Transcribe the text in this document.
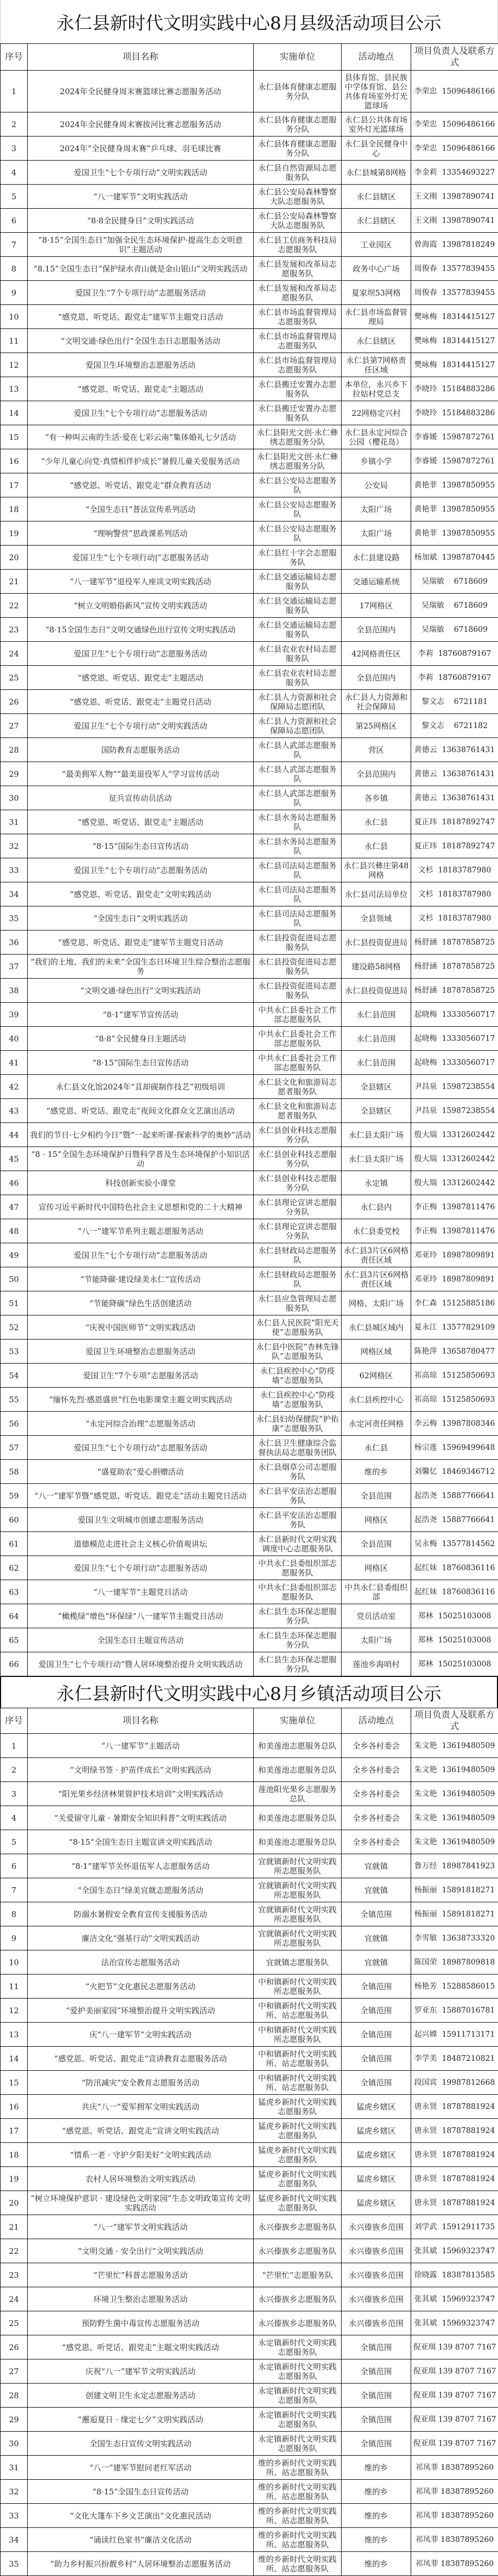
永仁县新时代文明实践中心8月县级活动项目公示
序号	项目名称	实施单位	活动地点	项目负责人及联系方式
1	2024年全民健身周末赛篮球比赛志愿服务活动	永仁县体育健康志愿服务分队	县体育馆、县民族中学体育馆、县公共体育场室外灯光篮球场	李荣忠  15096486166
2	2024年全民健身周末赛拔河比赛志愿服务活动	永仁县体育健康志愿服务分队	永仁县公共体育场室外灯光篮球场	李荣忠  15096486166
3	2024年“全民健身周末赛”乒乓球、羽毛球比赛	永仁县体育健康志愿服务分队	永仁县全民健身中心	李荣忠  15096486166
4	爱国卫生“七个专项行动”文明实践活动	永仁县自然资源局志愿服务队	永仁县城第8网格	李金莉  13354693227
5	“八一建军节”文明实践活动	永仁县公安局森林警察大队志愿服务队	永仁县辖区	王文刚  13987890741
6	“8·8全民健身日”文明实践活动	永仁县公安局森林警察大队志愿服务队	永仁县辖区	王文刚  13987890741
7	“8·15”全国生态日“加强全民生态环境保护·提高生态文明意识”主题活动	永仁县工信商务科技局志愿服务队	工业园区	曾海霞  13987818249
8	“8.15”全国生态日“保护绿水青山就是金山银山”文明实践活动	永仁县发展和改革局志愿服务队	政务中心广场	周俊春  13577839455
9	爱国卫生“7个专项行动”志愿服务活动	永仁县发展和改革局志愿服务队	夏家坝53网格	周俊春  13577839455
10	“感党恩、听党话、跟党走”建军节主题党日活动	永仁县市场监督管理局志愿服务队	永仁县市场监督管理局	樊咏梅  18314415127
11	“文明交通·绿色出行”全国生态日志愿服务活动	永仁县市场监督管理局志愿服务队	永仁县辖区	樊咏梅  18314415127
12	爱国卫生环境整治志愿服务活动	永仁县市场监督管理局志愿服务队	永仁县第7网格责任区域	樊咏梅  18314415127
13	“感党恩、听党话、跟党走”主题活动	永仁县搬迁安置办志愿服务队	本单位，永兴乡下拉姑村党总支	李晓玲  15184883286
14	爱国卫生“七个专项行动”志愿服务活动	永仁县搬迁安置办志愿服务队	22网格定兴村	李晓玲  15184883286
15	“有一种叫云南的生活·爱在七彩云南”集体婚礼七夕活动	永仁县阳光文创·永仁彝绣志愿服务分队	永仁县永定河综合公园（樱花岛）	李睿媛  15987872761
16	“少年儿童心向党·真情相伴护成长”暑假儿童关爱服务活动	永仁县阳光文创·永仁彝绣志愿服务分队	乡镇小学	李睿媛  15987872761
17	“感党恩、听党话、跟党走”群众教育活动	永仁县公安局志愿服务队	公安局	黄艳菲  13987850955
18	“全国生态日”普法宣传系列活动	永仁县公安局志愿服务队	太阳广场	黄艳菲  13987850955
19	“理响警营”思政课系列活动	永仁县公安局志愿服务队	太阳广场	黄艳菲  13987850955
20	爱国卫生“七个专项行动|”志愿服务活动	永仁县红十字会志愿服务队	永仁县建设路	杨加斌  13987870445
21	“八一建军节”退役军人座谈文明实践活动	永仁县交通运输局志愿服务队	交通运输系统	吴瑞敏    6718609
22	“树立文明婚俗新风”宣传文明实践活动	永仁县交通运输局志愿服务队	17网格区	吴瑞敏    6718609
23	“8·15全国生态日”文明交通绿色出行宣传文明实践活动	永仁县交通运输局志愿服务队	全县范围内	吴瑞敏    6718609
24	爱国卫生“七个专项行动”志愿服务活动	永仁县农业农村局志愿服务队	42网格责任区	李莉  18760879167
25	“感党恩、听党话、跟党走”主题活动	永仁县农业农村局志愿服务队	全县范围内	李莉  18760879167
26	“感党恩、听党话、跟党走”主题党日活动	永仁县人力资源和社会保障局志愿团队	永仁县人力资源和社会保障局	黎文志    6721181
27	爱国卫生“七个专项行动”文明实践活动	永仁县人力资源和社会保障局志愿团队	第25网格区	黎文志    6721182
28	国防教育志愿服务活动	永仁县人武部志愿服务队	营区	黄德云  13638761431
29	“最美拥军人物”“最美退役军人”学习宣传活动	永仁县人武部志愿服务队	全县范围内	黄德云  13638761431
30	征兵宣传动员活动	永仁县人武部志愿服务队	各乡镇	黄德云  13638761431
31	“感党恩、听党话、跟党走”主题活动	永仁县水务局志愿服务队	永仁县	夏正玮  18187892747
32	“8·15”国际生态日宣传活动	永仁县水务局志愿服务队	永仁县	夏正玮  18187892747
33	爱国卫生“七个专项行动”志愿服务活动	永仁县司法局志愿服务队	永仁县兴彝庄第48网格	文杉  18183787980
34	“感党恩、听党话、跟党走”文明实践活动	永仁县司法局志愿服务队	永仁县司法局单位	文杉  18183787980
35	“全国生态日”文明实践活动	永仁县司法局志愿服务队	全县领域	文杉  18183787980
36	“感党恩、听党话、跟党走”建军节主题党日活动	永仁县投资促进局志愿服务队	永仁县投资促进局	杨舒涵  18787858725
37	“我们的土地、我们的未来”全国生态日环境卫生综合整治志愿服务	永仁县投资促进局志愿服务队	建设路58网格	杨舒涵  18787858725
38	“文明交通·绿色出行”文明实践活动	永仁县投资促进局志愿服务队	永仁县投资促进局	杨舒涵  18787858725
39	“8·1”建军节宣传活动	中共永仁县委社会工作部志愿服务队	永仁县范围	起晓梅  13330560717
40	“8·8”全民健身日主题活动	中共永仁县委社会工作部志愿服务队	永仁县范围	起晓梅  13330560717
41	“8·15”国际生态日宣传活动	中共永仁县委社会工作部志愿服务队	永仁县范围	起晓梅  13330560717
42	永仁县文化馆2024年“苴却砚制作技艺”初级培训	永仁县文化和旅游局志愿者服务队	全县辖区	尹昌泉  15987238554
43	“感党恩、听党话、跟党走”夜间文化群众文艺演出活动	永仁县文化和旅游局志愿者服务队	全县辖区	尹昌泉  15987238554
44	我们的节日·七夕相约今日”暨“一起来听课·探索科学的奥妙”活动	永仁县创业科技志愿服务分队	永仁县太阳广场	殷大瑞  13312602442
45	“8 · 15”全国生态环境保护日暨科学普及生态环境保护小知识活动	永仁县创业科技志愿服务分队	永仁县太阳广场	殷大瑞  13312602442
46	科技创新实验小课堂	永仁县创业科技志愿服务分队	永定镇	殷大瑞  13312602442
47	宣传习近平新时代中国特色社会主义思想和党的二十大精神	永仁县理论宣讲志愿服分务队	永仁县内	李正梅  13987811476
48	“八一”建军节系列主题志愿服务活动	永仁县理论宣讲志愿服分务队	永仁县委党校	李正梅  13987811476
49	爱国卫生“七个专项行动”志愿服务活动	永仁县财政局志愿服务队	永仁县3片区6网格责任区域	邓亚玲  18987809891
50	“节能降碳·建设绿美永仁”宣传活动	永仁县财政局志愿服务队	永仁县3片区6网格责任区域	邓亚玲  18987809891
51	“节能降碳”绿色生活创建活动	永仁县应急管理局志愿服务队	网格、太阳广场	李仁森  15125885186
52	“庆祝中国医师节”文明实践活动	永仁县人民医院“阳光天使”志愿服务队	永仁县城区域内	夏永江  13577829109
53	爱国卫生环境整治志愿服务活动	永仁县中医院“杏林先锋队”志愿服务队	网格区域	陈艳萍  13658780477
54	爱国卫生“7个专项”志愿服务活动	永仁县疾控中心“防疫墙”志愿服务队	62网格区	祁高琼  15125850693
55	“缅怀先烈·感恩盛世”红色电影课堂主题文明实践活动	永仁县疾控中心“防疫墙”志愿服务队	永仁县疾控中心	祁高琼  15125850693
56	“永定河综合治理”志愿服务活动	永仁县妇幼保健院“护佑康”志愿服务队	永定河责任网格	李云梅  13987808346
57	爱国卫生“七个专项行动”志愿服务活动	永仁县卫生健康综合监督执法局志愿服务团队	永仁县	杨宗莲  15969499648
58	“盛夏助农”爱心捐赠活动	永仁县烟草公司志愿服务队	维的乡	刘馨忆  18469346712
59	“八一”建军节暨“感党恩、听党话、跟党走”活动主题党日活动	永仁县平安法治志愿服务队	全县范围	起浩尧  15887766641
60	爱国卫生文明城市创建志愿服务活动	永仁县平安法治志愿服务队	网格区	起浩尧  15887766641
61	道德模范走进社会主义核心价值观讲坛	永仁县新时代文明实践调度中心志愿服务队	全县范围	吴永梅  13577814562
62	爱国卫生“七个专项行动”志愿服务活动	中共永仁县委组织部志愿服务队	网格区	起红妹  18760836116
63	“八一建军节”主题党日活动	中共永仁县委组织部志愿服务队	中共永仁县委组织部	起红妹  18760836116
64	“橄榄绿”增色“环保绿”八一建军节主题党日活动	永仁县生态环保志愿服务分队	党员活动室	郑林  15025103008
65	全国生态日主题宣传活动	永仁县生态环保志愿服务分队	太阳广场	郑林  15025103008
66	爱国卫生“七个专项行动”暨人居环境整治提升文明实践活动	永仁县生态环保志愿服务分队	莲池乡海哨村	郑林  15025103008
永仁县新时代文明实践中心8月乡镇活动项目公示
序号	项目名称	实施单位	活动地点	项目负责人及联系方式
1	“八一建军节”主题活动	和美莲池志愿服务总队	全乡各村委会	朱文艳  13619480509
2	“文明绿书签 · 护苗伴成长”文明实践活动	和美莲池志愿服务总队	全乡各村委会	朱文艳  13619480509
3	“阳光果乡经济林果管护技术培训”文明实践活动	莲池阳光果乡志愿服务总队	全乡各村委会	朱文艳  13619480509
4	“关爱留守儿童 · 暑期安全知识科普”文明实践活动	和美莲池志愿服务总队	全乡各村委会	朱文艳  13619480509
5	“8·15”全国生态日主题宣讲文明实践活动	和美莲池志愿服务总队	全乡各村委会	朱文艳  13619480509
6	“8·1”建军节关怀退伍军人志愿服务活动	宜就镇新时代文明实践所志愿服务队	宜就镇	鲁万经  18987841923
7	“全国生态日”绿美宜就志愿服务活动	宜就镇新时代文明实践所志愿服务队	宜就镇	杨振丽  15891818271
8	防溺水暑假安全教育宣传支援服务活动	宜就镇新时代文明实践所志愿服务队	全镇范围	杨振丽  15891818271
9	廉洁文化“强基行动”文明实践活动	宜就镇新时代文明实践所志愿服务队	宜就镇	李雪敏  13638733320
10	法治宣传志愿服务活动	宜就镇志愿服务队	宜就镇	陈国荣  18987809818
11	“火把节”文化惠民志愿服务活动	中和镇新时代文明实践所志愿服务队	全镇范围	杨艳芳  15288586015
12	“爱护美丽家园”环境整治提升文明实践活动	中和镇新时代文明实践所、站志愿服务队	全镇范围	罗亚东  15887016781
13	庆“八一建军节”文明实践活动	中和镇新时代文明实践所志愿服务队	全镇范围	起兴嫦  15911713171
14	“感党恩、听党话、跟党走”宣讲教育志愿服务活动	中和镇新时代文明实践所、站志愿服务队	全镇范围	李学美  18487210821
15	“防汛减灾”安全教育志愿服务活动	中和镇新时代文明实践所、站志愿服务队	全镇范围	段国宾  19987812668
16	共庆“八一”爱军拥军文明实践活动	猛虎乡新时代文明实践志愿服务队	猛虎乡辖区	唐永贤  18787881924
17	“感党恩、听党话、跟党走”宣讲文明实践活动	猛虎乡新时代文明实践志愿服务队	猛虎乡辖区	唐永贤  18787881924
18	“情系一老 · 守护夕阳美好”文明实践活动	猛虎乡新时代文明实践志愿服务队	猛虎乡辖区	唐永贤  18787881924
19	农村人居环境整治文明实践活动	猛虎乡新时代文明实践志愿服务队	猛虎乡辖区	唐永贤  18787881924
20	“树立环境保护意识 · 建设绿色文明家园”生态文明政策宣传文明实践活动	猛虎乡新时代文明实践志愿服务队	猛虎乡辖区	唐永贤  18787881924
21	“八一”建军节文明实践活动	永兴傣族乡志愿服务队	永兴傣族乡范围	刘学武  15912911735
22	“文明交通 · 安全出行”文明实践活动	永兴傣族乡志愿服务队	永兴傣族乡范围	张其斌  15969323747
23	“芒里忙”科普志愿服务活动	“芒里忙”志愿服务队	永兴傣族乡范围	徐晓露  18387813585
24	环境卫生整治志愿服务活动	永兴傣族乡志愿服务队	永兴傣族乡范围	张其斌  15969323747
25	预防野生菌中毒宣传志愿服务活动	永兴傣族乡志愿服务队	永兴傣族乡范围	张其斌  15969323747
26	“感党恩、听党话、跟党走”主题文明实践活动	永定镇新时代文明实践志愿服务队	全镇范围	倪亚琪 139 8707 7167
27	庆祝“八一”建军节文明实践活动	永定镇新时代文明实践志愿服务队	全镇范围	倪亚琪 139 8707 7167
28	创建文明卫生永定志愿服务活动	永定镇新时代文明实践志愿服务队	全镇范围	倪亚琪 139 8707 7167
29	“邂逅夏日 · 缘定七夕”文明实践活动	永定镇新时代文明实践志愿服务队	全镇范围	倪亚琪 139 8707 7167
30	全国生态日宣传文明实践活动	永定镇新时代文明实践志愿服务队	全镇范围	倪亚琪 139 8707 7167
31	“八一”建军节慰问老红军活动	维的乡新时代文明实践所、站志愿服务队	维的乡	祁凤菲 18387895260
32	“8·15”全国生态日宣传活动	维的乡新时代文明实践所、站志愿服务队	维的乡	祁凤菲 18387895260
33	“文化大篷车下乡文艺演出”文化惠民活动	维的乡新时代文明实践所、站志愿服务队	维的乡	祁凤菲 18387895260
34	“诵读红色家书”廉洁文化活动	维的乡新时代文明实践所、站志愿服务队	维的乡	祁凤菲 18387895260
35	“助力乡村振兴扮靓乡村”人居环境整治志愿服务活动	维的乡新时代文明实践所、站志愿服务队	维的乡	祁凤菲 18387895260
